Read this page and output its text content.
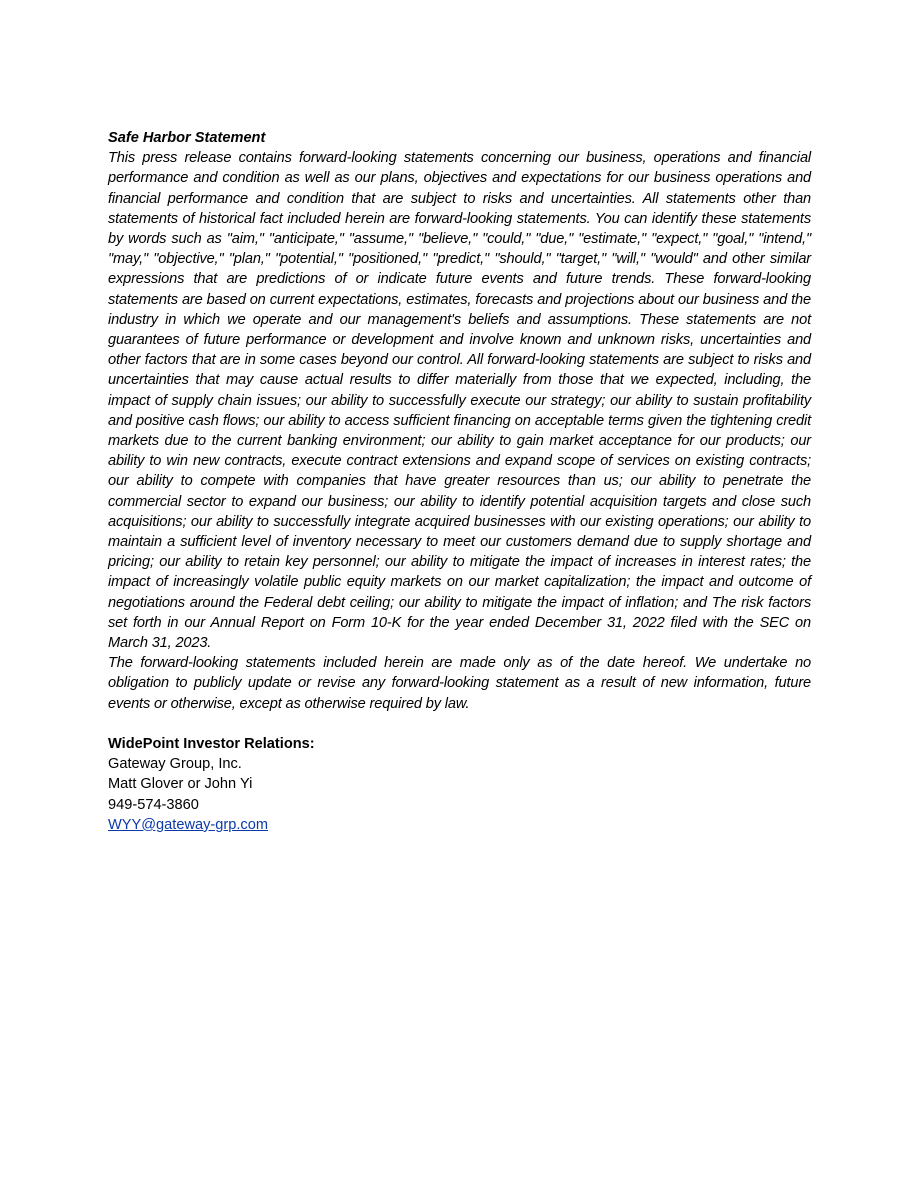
Safe Harbor Statement

This press release contains forward-looking statements concerning our business, operations and financial performance and condition as well as our plans, objectives and expectations for our business operations and financial performance and condition that are subject to risks and uncertainties. All statements other than statements of historical fact included herein are forward-looking statements. You can identify these statements by words such as "aim," "anticipate," "assume," "believe," "could," "due," "estimate," "expect," "goal," "intend," "may," "objective," "plan," "potential," "positioned," "predict," "should," "target," "will," "would" and other similar expressions that are predictions of or indicate future events and future trends. These forward-looking statements are based on current expectations, estimates, forecasts and projections about our business and the industry in which we operate and our management's beliefs and assumptions. These statements are not guarantees of future performance or development and involve known and unknown risks, uncertainties and other factors that are in some cases beyond our control. All forward-looking statements are subject to risks and uncertainties that may cause actual results to differ materially from those that we expected, including, the impact of supply chain issues; our ability to successfully execute our strategy; our ability to sustain profitability and positive cash flows; our ability to access sufficient financing on acceptable terms given the tightening credit markets due to the current banking environment; our ability to gain market acceptance for our products; our ability to win new contracts, execute contract extensions and expand scope of services on existing contracts; our ability to compete with companies that have greater resources than us; our ability to penetrate the commercial sector to expand our business; our ability to identify potential acquisition targets and close such acquisitions; our ability to successfully integrate acquired businesses with our existing operations; our ability to maintain a sufficient level of inventory necessary to meet our customers demand due to supply shortage and pricing; our ability to retain key personnel; our ability to mitigate the impact of increases in interest rates; the impact of increasingly volatile public equity markets on our market capitalization; the impact and outcome of negotiations around the Federal debt ceiling; our ability to mitigate the impact of inflation; and The risk factors set forth in our Annual Report on Form 10-K for the year ended December 31, 2022 filed with the SEC on March 31, 2023.

The forward-looking statements included herein are made only as of the date hereof. We undertake no obligation to publicly update or revise any forward-looking statement as a result of new information, future events or otherwise, except as otherwise required by law.

WidePoint Investor Relations:

Gateway Group, Inc.

Matt Glover or John Yi

949-574-3860

WYY@gateway-grp.com
